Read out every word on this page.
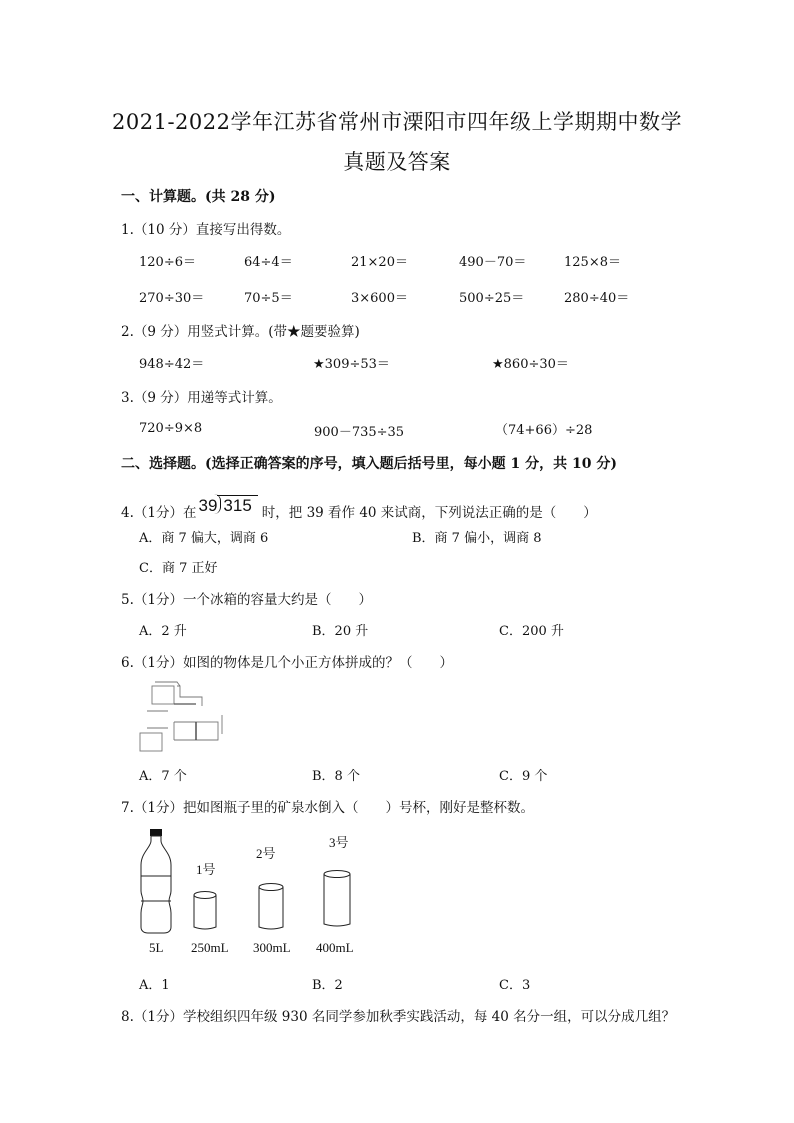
2021-2022学年江苏省常州市溧阳市四年级上学期期中数学
真题及答案
一、计算题。(共 28 分)
1.（10 分）直接写出得数。
120÷6＝	64÷4＝	21×20＝	490－70＝	125×8＝
270÷30＝	70÷5＝	3×600＝	500÷25＝	280÷40＝
2.（9 分）用竖式计算。(带★题要验算)
948÷42＝	★309÷53＝	★860÷30＝
3.（9 分）用递等式计算。
720÷9×8	900－735÷35	（74+66）÷28
二、选择题。(选择正确答案的序号，填入题后括号里，每小题 1 分，共 10 分)
4.（1分）在 39 315 时，把 39 看作 40 来试商，下列说法正确的是（　　）
A．商 7 偏大，调商 6	B．商 7 偏小，调商 8
C．商 7 正好
5.（1分）一个冰箱的容量大约是（　　）
A．2 升	B．20 升	C．200 升
6.（1分）如图的物体是几个小正方体拼成的？（　　）
A．7 个	B．8 个	C．9 个
7.（1分）把如图瓶子里的矿泉水倒入（　　）号杯，刚好是整杯数。
5L
1号
250mL
2号
300mL
3号
400mL
A．1	B．2	C．3
8.（1分）学校组织四年级 930 名同学参加秋季实践活动，每 40 名分一组，可以分成几组？
